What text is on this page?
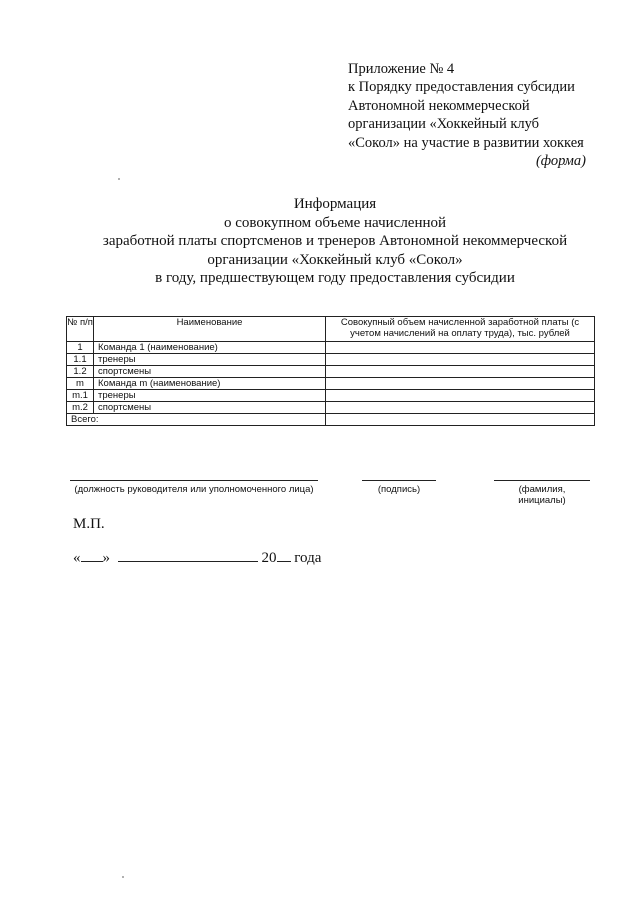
Приложение № 4
к Порядку предоставления субсидии
Автономной некоммерческой
организации «Хоккейный клуб
«Сокол» на участие в развитии хоккея
(форма)
Информация
о совокупном объеме начисленной
заработной платы спортсменов и тренеров Автономной некоммерческой
организации «Хоккейный клуб «Сокол»
в году, предшествующем году предоставления субсидии
№ п/п	Наименование	Совокупный объем начисленной заработной платы (с учетом начислений на оплату труда), тыс. рублей
1	Команда 1 (наименование)	
1.1	тренеры	
1.2	спортсмены	
m	Команда m (наименование)	
m.1	тренеры	
m.2	спортсмены	
Всего:		
(должность руководителя или уполномоченного лица)	(подпись)	(фамилия, инициалы)
М.П.
« »	20 года
